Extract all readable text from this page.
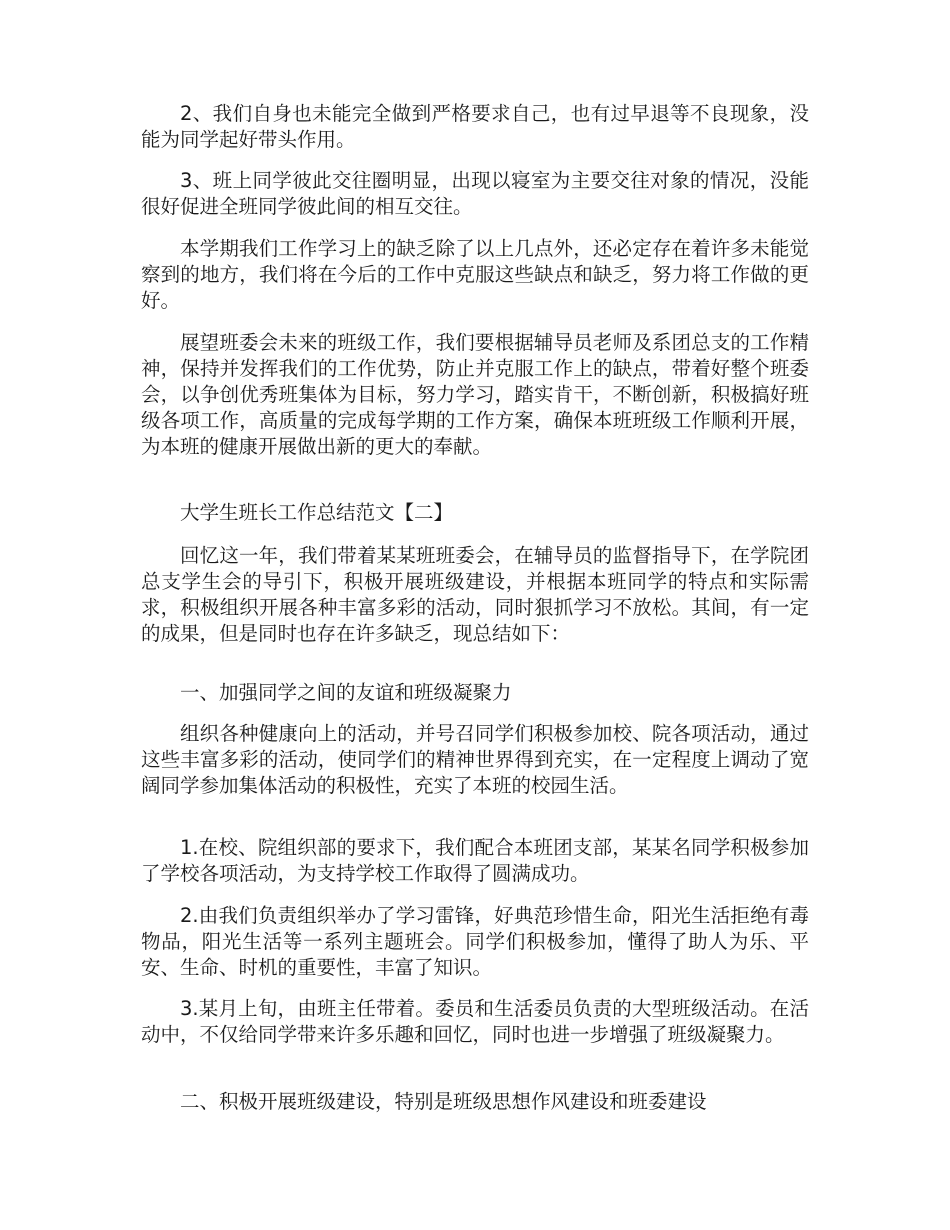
2、我们自身也未能完全做到严格要求自己，也有过早退等不良现象，没能为同学起好带头作用。

3、班上同学彼此交往圈明显，出现以寝室为主要交往对象的情况，没能很好促进全班同学彼此间的相互交往。

本学期我们工作学习上的缺乏除了以上几点外，还必定存在着许多未能觉察到的地方，我们将在今后的工作中克服这些缺点和缺乏，努力将工作做的更好。

展望班委会未来的班级工作，我们要根据辅导员老师及系团总支的工作精神，保持并发挥我们的工作优势，防止并克服工作上的缺点，带着好整个班委会，以争创优秀班集体为目标，努力学习，踏实肯干，不断创新，积极搞好班级各项工作，高质量的完成每学期的工作方案，确保本班班级工作顺利开展，为本班的健康开展做出新的更大的奉献。

大学生班长工作总结范文【二】

回忆这一年，我们带着某某班班委会，在辅导员的监督指导下，在学院团总支学生会的导引下，积极开展班级建设，并根据本班同学的特点和实际需求，积极组织开展各种丰富多彩的活动，同时狠抓学习不放松。其间，有一定的成果，但是同时也存在许多缺乏，现总结如下：

一、加强同学之间的友谊和班级凝聚力

组织各种健康向上的活动，并号召同学们积极参加校、院各项活动，通过这些丰富多彩的活动，使同学们的精神世界得到充实，在一定程度上调动了宽阔同学参加集体活动的积极性，充实了本班的校园生活。

1.在校、院组织部的要求下，我们配合本班团支部，某某名同学积极参加了学校各项活动，为支持学校工作取得了圆满成功。

2.由我们负责组织举办了学习雷锋，好典范珍惜生命，阳光生活拒绝有毒物品，阳光生活等一系列主题班会。同学们积极参加，懂得了助人为乐、平安、生命、时机的重要性，丰富了知识。

3.某月上旬，由班主任带着。委员和生活委员负责的大型班级活动。在活动中，不仅给同学带来许多乐趣和回忆，同时也进一步增强了班级凝聚力。

二、积极开展班级建设，特别是班级思想作风建设和班委建设
